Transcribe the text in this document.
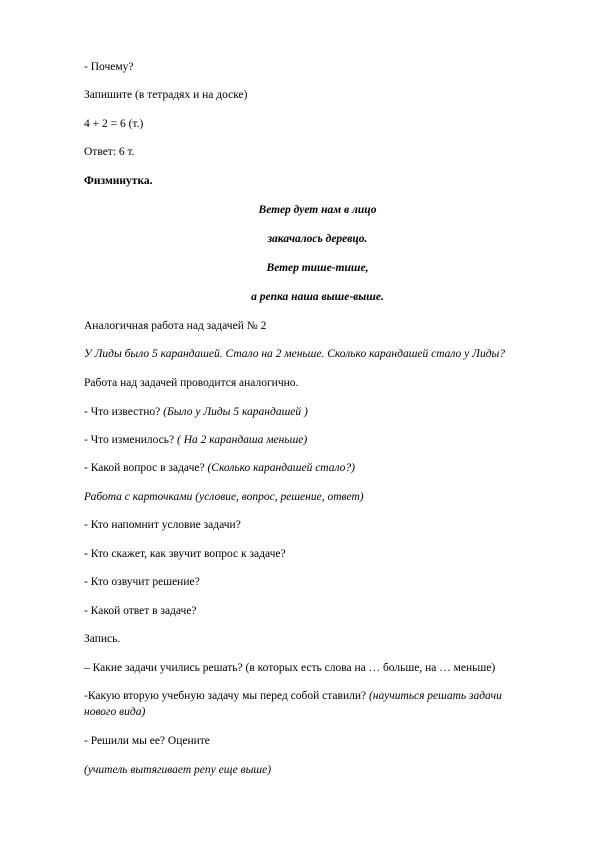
- Почему?
Запишите (в тетрадях и на доске)
4 + 2 = 6 (т.)
Ответ: 6 т.
Физминутка.
Ветер дует нам в лицо
закачалось деревцо.
Ветер тише-тише,
а репка наша выше-выше.
Аналогичная работа над задачей № 2
У Лиды было 5 карандашей. Стало на 2 меньше. Сколько карандашей стало у Лиды?
Работа над задачей проводится аналогично.
- Что известно? (Было у Лиды 5 карандашей )
- Что изменилось? ( На 2 карандаша меньше)
- Какой вопрос в задаче? (Сколько карандашей стало?)
Работа с карточками (условие, вопрос, решение, ответ)
- Кто напомнит условие задачи?
- Кто скажет, как звучит вопрос к задаче?
- Кто озвучит решение?
- Какой ответ в задаче?
Запись.
– Какие задачи учились решать? (в которых есть слова на … больше, на … меньше)
-Какую вторую учебную задачу мы перед собой ставили? (научиться решать задачи
нового вида)
- Решили мы ее? Оцените
(учитель вытягивает репу еще выше)
